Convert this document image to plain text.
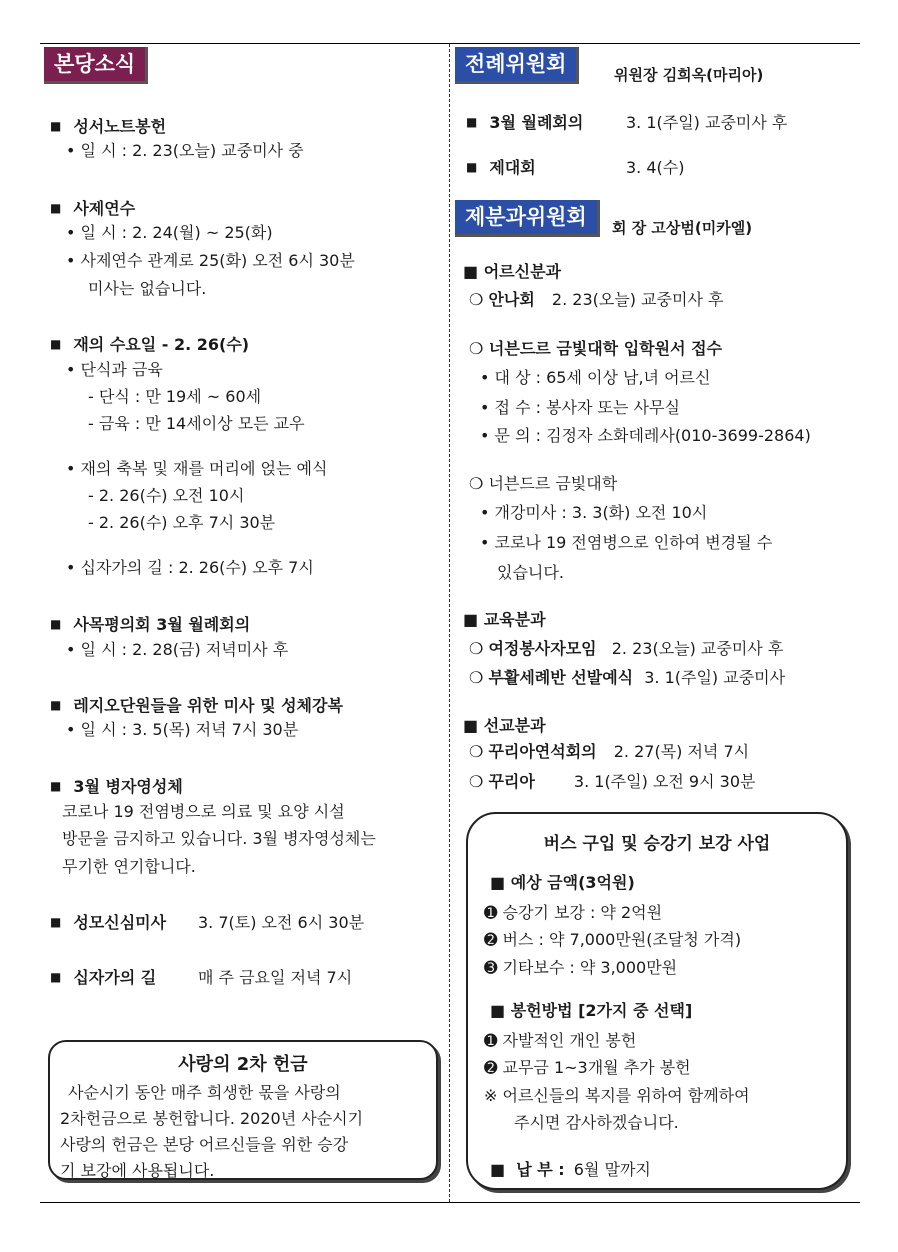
본당소식
■ 성서노트봉헌
• 일 시 : 2. 23(오늘) 교중미사 중
■ 사제연수
• 일 시 : 2. 24(월) ~ 25(화)
• 사제연수 관계로 25(화) 오전 6시 30분
미사는 없습니다.
■ 재의 수요일 - 2. 26(수)
• 단식과 금육
- 단식 : 만 19세 ~ 60세
- 금육 : 만 14세이상 모든 교우
• 재의 축복 및 재를 머리에 얹는 예식
- 2. 26(수) 오전 10시
- 2. 26(수) 오후 7시 30분
• 십자가의 길 : 2. 26(수) 오후 7시
■ 사목평의회 3월 월례회의
• 일 시 : 2. 28(금) 저녁미사 후
■ 레지오단원들을 위한 미사 및 성체강복
• 일 시 : 3. 5(목) 저녁 7시 30분
■ 3월 병자영성체
코로나 19 전염병으로 의료 및 요양 시설
방문을 금지하고 있습니다. 3월 병자영성체는
무기한 연기합니다.
■ 성모신심미사 3. 7(토) 오전 6시 30분
■ 십자가의 길	매 주 금요일 저녁 7시
사랑의 2차 헌금
사순시기 동안 매주 희생한 몫을 사랑의
2차헌금으로 봉헌합니다. 2020년 사순시기
사랑의 헌금은 본당 어르신들을 위한 승강
기 보강에 사용됩니다.
전례위원회	위원장 김희옥(마리아)
■ 3월 월례회의	3. 1(주일) 교중미사 후
■ 제대회	3. 4(수)
제분과위원회	회 장 고상범(미카엘)
■ 어르신분과
❍ 안나회 2. 23(오늘) 교중미사 후
❍ 너븐드르 금빛대학 입학원서 접수
• 대 상 : 65세 이상 남,녀 어르신
• 접 수 : 봉사자 또는 사무실
• 문 의 : 김정자 소화데레사(010-3699-2864)
❍ 너븐드르 금빛대학
• 개강미사 : 3. 3(화) 오전 10시
• 코로나 19 전염병으로 인하여 변경될 수
있습니다.
■ 교육분과
❍ 여정봉사자모임 2. 23(오늘) 교중미사 후
❍ 부활세례반 선발예식 3. 1(주일) 교중미사
■ 선교분과
❍ 꾸리아연석회의 2. 27(목) 저녁 7시
❍ 꾸리아 3. 1(주일) 오전 9시 30분
버스 구입 및 승강기 보강 사업
■ 예상 금액(3억원)
➊ 승강기 보강 : 약 2억원
➋ 버스 : 약 7,000만원(조달청 가격)
➌ 기타보수 : 약 3,000만원
■ 봉헌방법 [2가지 중 선택]
➊ 자발적인 개인 봉헌
➋ 교무금 1~3개월 추가 봉헌
※ 어르신들의 복지를 위하여 함께하여
주시면 감사하겠습니다.
■ 납 부 : 6월 말까지
